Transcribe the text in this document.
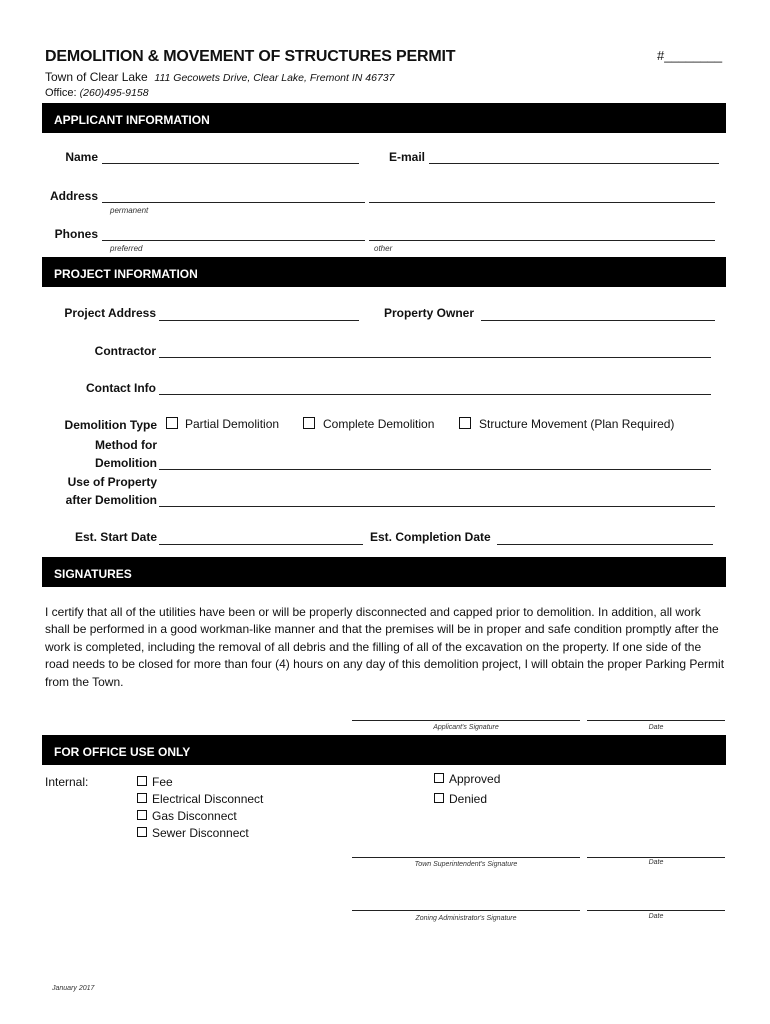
DEMOLITION & MOVEMENT OF STRUCTURES PERMIT	#________
Town of Clear Lake 111 Gecowets Drive, Clear Lake, Fremont IN 46737
Office: (260)495-9158
APPLICANT INFORMATION
Name	E-mail
Address
permanent
Phones
preferred	other
PROJECT INFORMATION
Project Address	Property Owner
Contractor
Contact Info
Demolition Type Partial Demolition	Complete Demolition	Structure Movement (Plan Required)
Method for
Demolition
Use of Property
after Demolition
Est. Start Date	Est. Completion Date
SIGNATURES
I certify that all of the utilities have been or will be properly disconnected and capped prior to demolition. In addition, all work shall be performed in a good workman-like manner and that the premises will be in proper and safe condition promptly after the work is completed, including the removal of all debris and the filling of all of the excavation on the property. If one side of the road needs to be closed for more than four (4) hours on any day of this demolition project, I will obtain the proper Parking Permit from the Town.
Applicant's Signature	Date
FOR OFFICE USE ONLY
Internal:	Fee
Electrical Disconnect
Gas Disconnect
Sewer Disconnect
Approved
Denied
Town Superintendent's Signature	Date
Zoning Administrator's Signature	Date
January 2017
